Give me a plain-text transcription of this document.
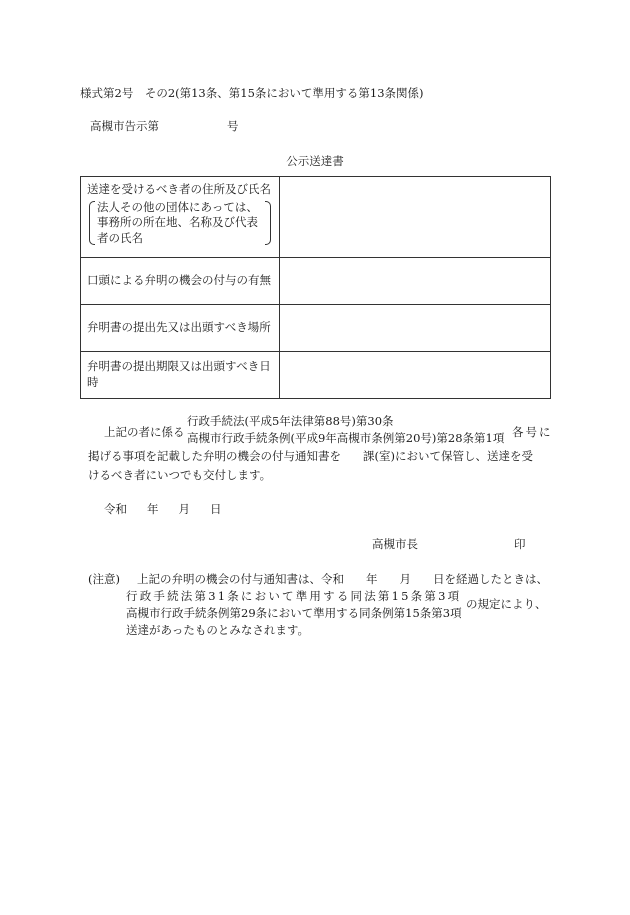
様式第2号　その2(第13条、第15条において準用する第13条関係)
高槻市告示第	号
公示送達書
送達を受けるべき者の住所及び氏名
法人その他の団体にあっては、事務所の所在地、名称及び代表者の氏名	

口頭による弁明の機会の付与の有無	
弁明書の提出先又は出頭すべき場所	
弁明書の提出期限又は出頭すべき日時	
上記の者に係る
行政手続法(平成5年法律第88号)第30条
高槻市行政手続条例(平成9年高槻市条例第20号)第28条第1項 各号に
掲げる事項を記載した弁明の機会の付与通知書を 課(室)において保管し、送達を受
けるべき者にいつでも交付します。
令和 年 月 日
高槻市長	印
(注意) 上記の弁明の機会の付与通知書は、令和 年 月 日を経過したときは、
行政手続法第31条において準用する同法第15条第3項
高槻市行政手続条例第29条において準用する同条例第15条第3項
の規定により、
送達があったものとみなされます。
